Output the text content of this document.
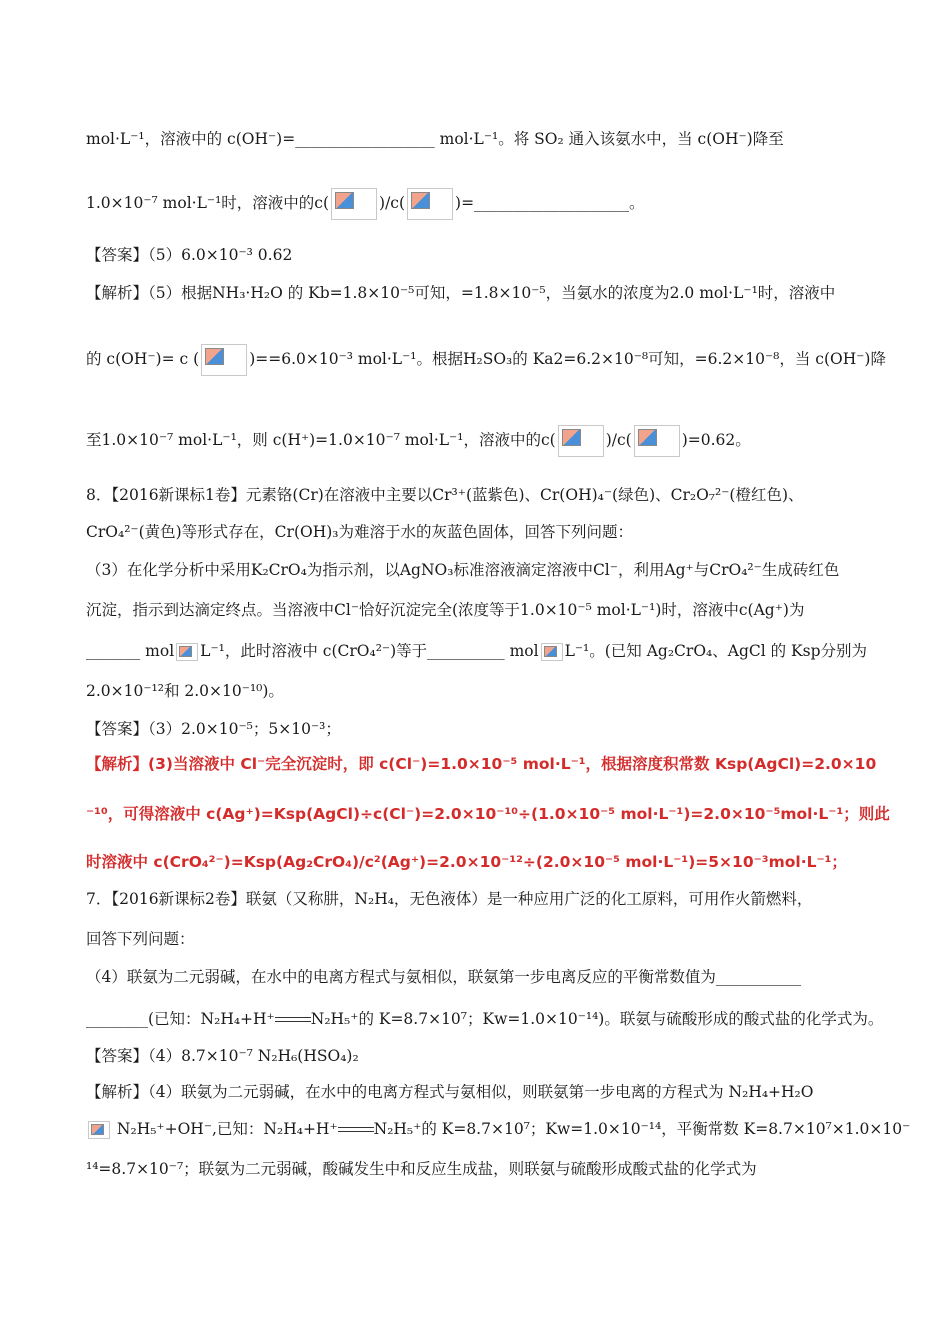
mol·L⁻¹，溶液中的 c(OH⁻)=__________________ mol·L⁻¹。将 SO₂ 通入该氨水中，当 c(OH⁻)降至
1.0×10⁻⁷ mol·L⁻¹时，溶液中的c(	)/c(	)=____________________。
【答案】（5）6.0×10⁻³ 0.62
【解析】（5）根据NH₃·H₂O 的 Kb=1.8×10⁻⁵可知，=1.8×10⁻⁵，当氨水的浓度为2.0 mol·L⁻¹时，溶液中
的 c(OH⁻)= c (	)==6.0×10⁻³ mol·L⁻¹。根据H₂SO₃的 Ka2=6.2×10⁻⁸可知，=6.2×10⁻⁸，当 c(OH⁻)降
至1.0×10⁻⁷ mol·L⁻¹，则 c(H⁺)=1.0×10⁻⁷ mol·L⁻¹，溶液中的c(	)/c(	)=0.62。
8．【2016新课标1卷】元素铬(Cr)在溶液中主要以Cr³⁺(蓝紫色)、Cr(OH)₄⁻(绿色)、Cr₂O₇²⁻(橙红色)、
CrO₄²⁻(黄色)等形式存在，Cr(OH)₃为难溶于水的灰蓝色固体，回答下列问题：
（3）在化学分析中采用K₂CrO₄为指示剂，以AgNO₃标准溶液滴定溶液中Cl⁻，利用Ag⁺与CrO₄²⁻生成砖红色
沉淀，指示到达滴定终点。当溶液中Cl⁻恰好沉淀完全(浓度等于1.0×10⁻⁵ mol·L⁻¹)时，溶液中c(Ag⁺)为
_______ mol L⁻¹，此时溶液中 c(CrO₄²⁻)等于__________ mol L⁻¹。(已知 Ag₂CrO₄、AgCl 的 Ksp分别为
2.0×10⁻¹²和 2.0×10⁻¹⁰)。
【答案】（3）2.0×10⁻⁵；5×10⁻³；
【解析】(3)当溶液中 Cl⁻完全沉淀时，即 c(Cl⁻)=1.0×10⁻⁵ mol·L⁻¹，根据溶度积常数 Ksp(AgCl)=2.0×10
⁻¹⁰，可得溶液中 c(Ag⁺)=Ksp(AgCl)÷c(Cl⁻)=2.0×10⁻¹⁰÷(1.0×10⁻⁵ mol·L⁻¹)=2.0×10⁻⁵mol·L⁻¹；则此
时溶液中 c(CrO₄²⁻)=Ksp(Ag₂CrO₄)/c²(Ag⁺)=2.0×10⁻¹²÷(2.0×10⁻⁵ mol·L⁻¹)=5×10⁻³mol·L⁻¹；
7．【2016新课标2卷】联氨（又称肼，N₂H₄，无色液体）是一种应用广泛的化工原料，可用作火箭燃料，
回答下列问题：
（4）联氨为二元弱碱，在水中的电离方程式与氨相似，联氨第一步电离反应的平衡常数值为___________
________(已知：N₂H₄+H⁺ N₂H₅⁺的 K=8.7×10⁷；Kw=1.0×10⁻¹⁴)。联氨与硫酸形成的酸式盐的化学式为。
【答案】（4）8.7×10⁻⁷ N₂H₆(HSO₄)₂
【解析】（4）联氨为二元弱碱，在水中的电离方程式与氨相似，则联氨第一步电离的方程式为 N₂H₄+H₂O
N₂H₅⁺+OH⁻,已知：N₂H₄+H⁺ N₂H₅⁺的 K=8.7×10⁷；Kw=1.0×10⁻¹⁴，平衡常数 K=8.7×10⁷×1.0×10⁻
¹⁴=8.7×10⁻⁷；联氨为二元弱碱，酸碱发生中和反应生成盐，则联氨与硫酸形成酸式盐的化学式为
